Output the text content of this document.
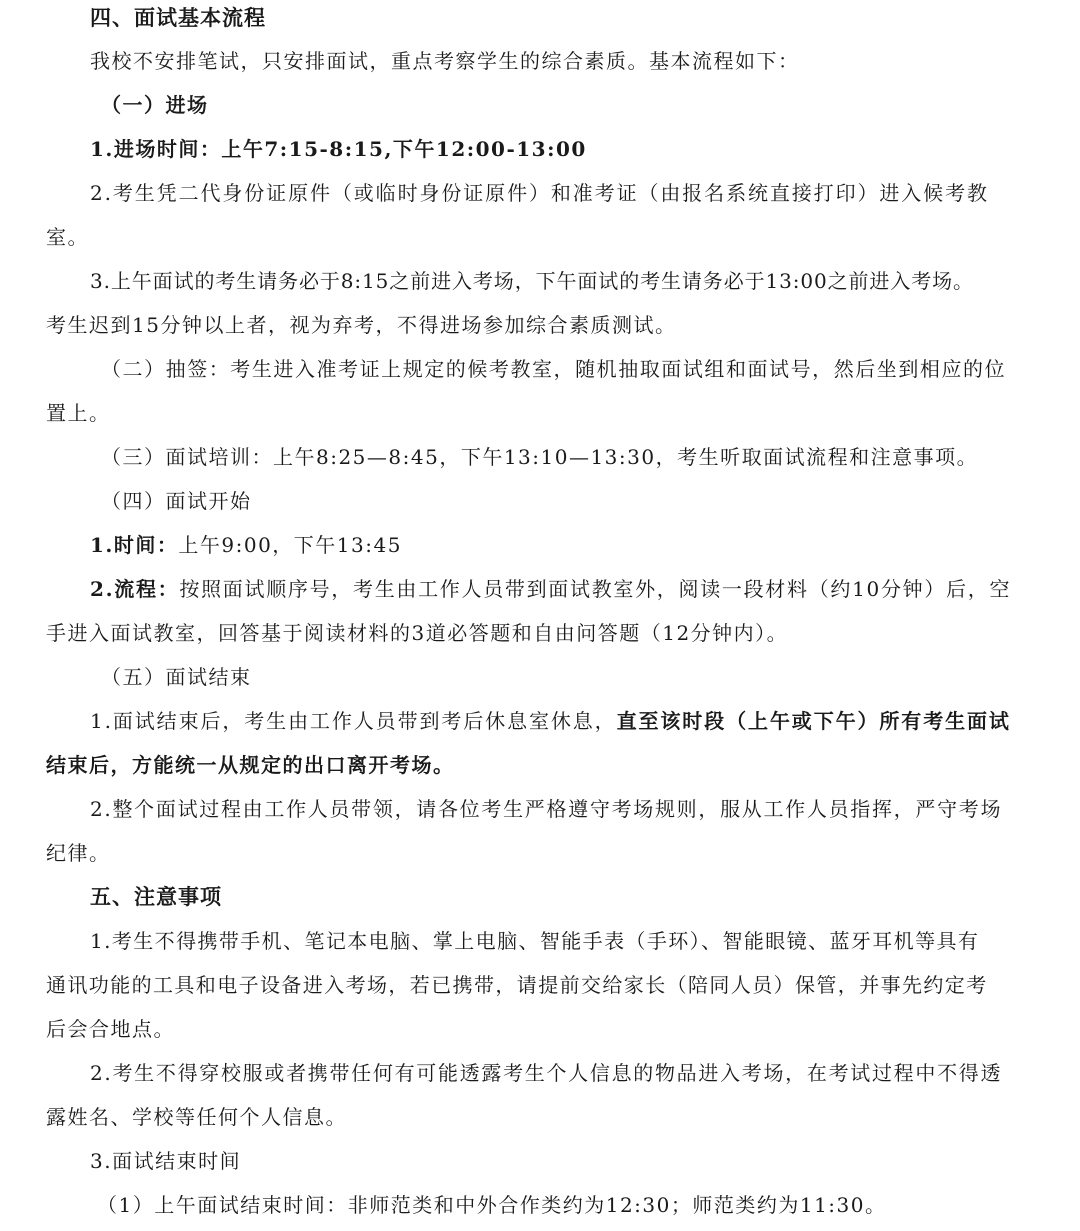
四、面试基本流程

我校不安排笔试，只安排面试，重点考察学生的综合素质。基本流程如下：

（一）进场

1.进场时间：上午7:15-8:15,下午12:00-13:00

2.考生凭二代身份证原件（或临时身份证原件）和准考证（由报名系统直接打印）进入候考教

室。

3.上午面试的考生请务必于8:15之前进入考场，下午面试的考生请务必于13:00之前进入考场。

考生迟到15分钟以上者，视为弃考，不得进场参加综合素质测试。

（二）抽签：考生进入准考证上规定的候考教室，随机抽取面试组和面试号，然后坐到相应的位

置上。

（三）面试培训：上午8:25—8:45，下午13:10—13:30，考生听取面试流程和注意事项。

（四）面试开始

1.时间：上午9:00，下午13:45

2.流程：按照面试顺序号，考生由工作人员带到面试教室外，阅读一段材料（约10分钟）后，空

手进入面试教室，回答基于阅读材料的3道必答题和自由问答题（12分钟内）。

（五）面试结束

1.面试结束后，考生由工作人员带到考后休息室休息，直至该时段（上午或下午）所有考生面试

结束后，方能统一从规定的出口离开考场。

2.整个面试过程由工作人员带领，请各位考生严格遵守考场规则，服从工作人员指挥，严守考场

纪律。

五、注意事项

1.考生不得携带手机、笔记本电脑、掌上电脑、智能手表（手环）、智能眼镜、蓝牙耳机等具有

通讯功能的工具和电子设备进入考场，若已携带，请提前交给家长（陪同人员）保管，并事先约定考

后会合地点。

2.考生不得穿校服或者携带任何有可能透露考生个人信息的物品进入考场，在考试过程中不得透

露姓名、学校等任何个人信息。

3.面试结束时间

（1）上午面试结束时间：非师范类和中外合作类约为12:30；师范类约为11:30。
